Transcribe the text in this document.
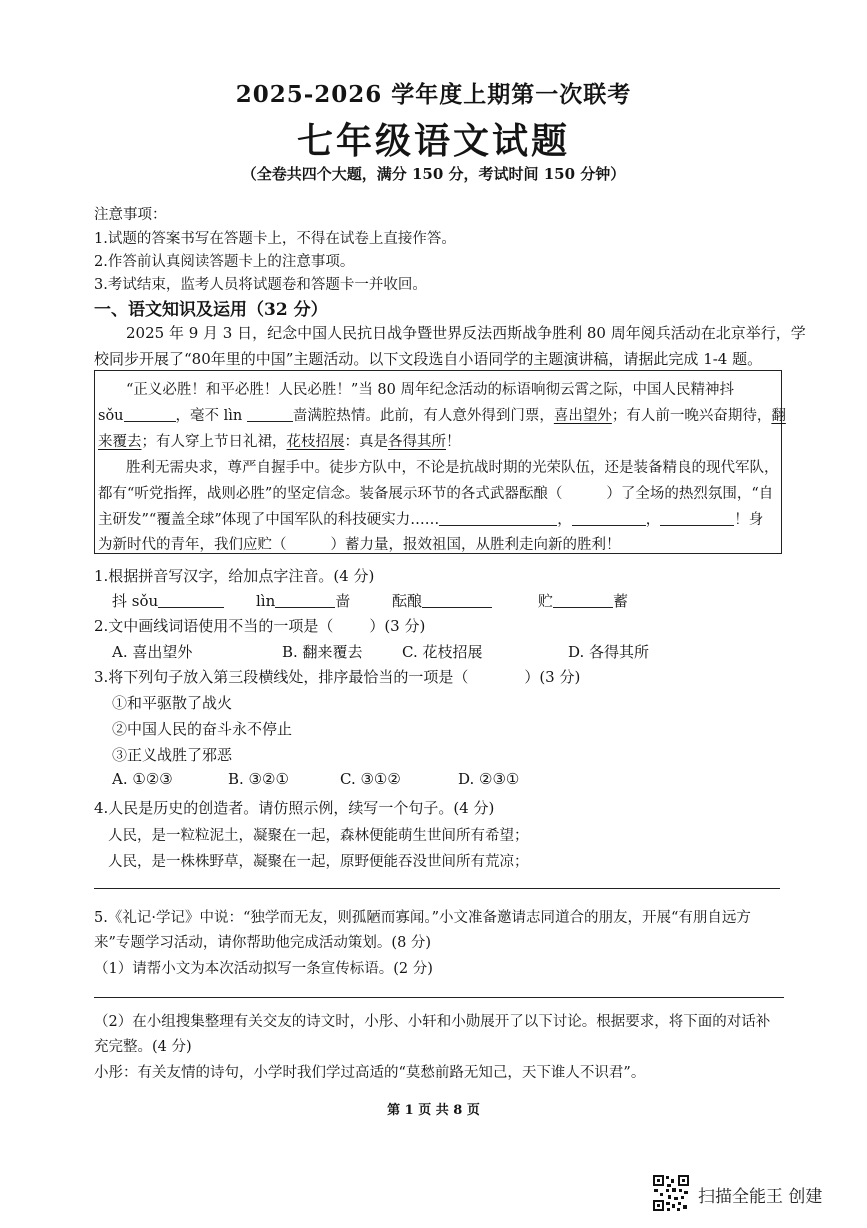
2025-2026 学年度上期第一次联考
七年级语文试题
（全卷共四个大题，满分 150 分，考试时间 150 分钟）
注意事项：
1.试题的答案书写在答题卡上，不得在试卷上直接作答。
2.作答前认真阅读答题卡上的注意事项。
3.考试结束，监考人员将试题卷和答题卡一并收回。
一、语文知识及运用（32 分）
2025 年 9 月 3 日，纪念中国人民抗日战争暨世界反法西斯战争胜利 80 周年阅兵活动在北京举行，学
校同步开展了“80年里的中国”主题活动。以下文段选自小语同学的主题演讲稿，请据此完成 1-4 题。
“正义必胜！和平必胜！人民必胜！”当 80 周年纪念活动的标语响彻云霄之际，中国人民精神抖
sǒu	，毫不 lìn	啬满腔热情。此前，有人意外得到门票，喜出望外；有人前一晚兴奋期待，翻
来覆去；有人穿上节日礼裙，花枝招展：真是各得其所！
胜利无需央求，尊严自握手中。徒步方队中，不论是抗战时期的光荣队伍，还是装备精良的现代军队，
都有“听党指挥，战则必胜”的坚定信念。装备展示环节的各式武器酝酿（	）了全场的热烈氛围，“自
主研发”“覆盖全球”体现了中国军队的科技硬实力……	，	，	！身
为新时代的青年，我们应贮（	）蓄力量，报效祖国，从胜利走向新的胜利！
1.根据拼音写汉字，给加点字注音。(4 分)
抖 sǒu	lìn	啬	酝酿	贮	蓄
2.文中画线词语使用不当的一项是（ ）(3 分)
A. 喜出望外	B. 翻来覆去	C. 花枝招展	D. 各得其所
3.将下列句子放入第三段横线处，排序最恰当的一项是（	）(3 分)
①和平驱散了战火
②中国人民的奋斗永不停止
③正义战胜了邪恶
A. ①②③	B. ③②①	C. ③①②	D. ②③①
4.人民是历史的创造者。请仿照示例，续写一个句子。(4 分)
人民，是一粒粒泥土，凝聚在一起，森林便能萌生世间所有希望；
人民，是一株株野草，凝聚在一起，原野便能吞没世间所有荒凉；
5.《礼记·学记》中说：“独学而无友，则孤陋而寡闻。”小文准备邀请志同道合的朋友，开展“有朋自远方
来”专题学习活动，请你帮助他完成活动策划。(8 分)
（1）请帮小文为本次活动拟写一条宣传标语。(2 分)
（2）在小组搜集整理有关交友的诗文时，小彤、小轩和小勋展开了以下讨论。根据要求，将下面的对话补
充完整。(4 分)
小彤：有关友情的诗句，小学时我们学过高适的“莫愁前路无知己，天下谁人不识君”。
第 1 页 共 8 页
扫描全能王 创建
